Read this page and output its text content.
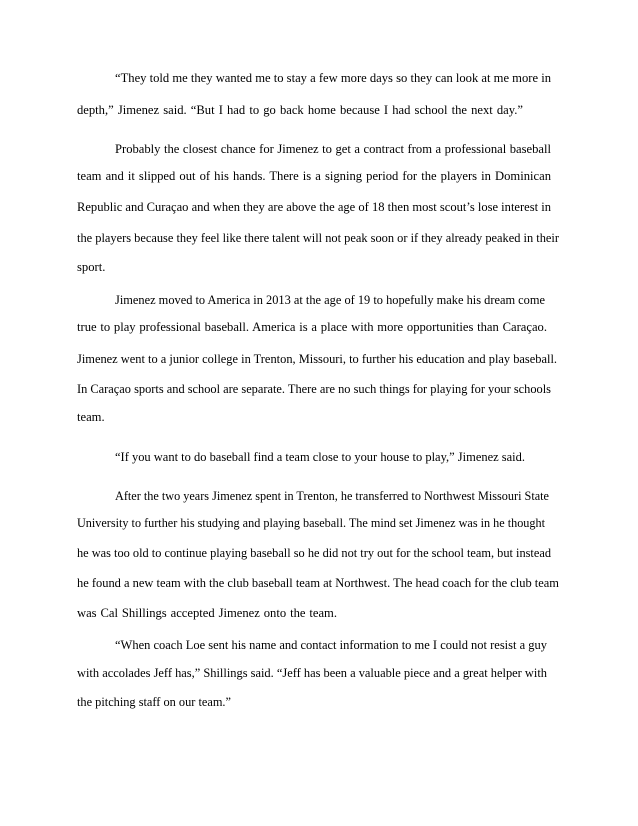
“They told me they wanted me to stay a few more days so they can look at me more in
depth,” Jimenez said. “But I had to go back home because I had school the next day.”
Probably the closest chance for Jimenez to get a contract from a professional baseball
team and it slipped out of his hands. There is a signing period for the players in Dominican
Republic and Curaçao and when they are above the age of 18 then most scout’s lose interest in
the players because they feel like there talent will not peak soon or if they already peaked in their
sport.
Jimenez moved to America in 2013 at the age of 19 to hopefully make his dream come
true to play professional baseball. America is a place with more opportunities than Caraçao.
Jimenez went to a junior college in Trenton, Missouri, to further his education and play baseball.
In Caraçao sports and school are separate. There are no such things for playing for your schools
team.
“If you want to do baseball find a team close to your house to play,” Jimenez said.
After the two years Jimenez spent in Trenton, he transferred to Northwest Missouri State
University to further his studying and playing baseball. The mind set Jimenez was in he thought
he was too old to continue playing baseball so he did not try out for the school team, but instead
he found a new team with the club baseball team at Northwest. The head coach for the club team
was Cal Shillings accepted Jimenez onto the team.
“When coach Loe sent his name and contact information to me I could not resist a guy
with accolades Jeff has,” Shillings said. “Jeff has been a valuable piece and a great helper with
the pitching staff on our team.”
